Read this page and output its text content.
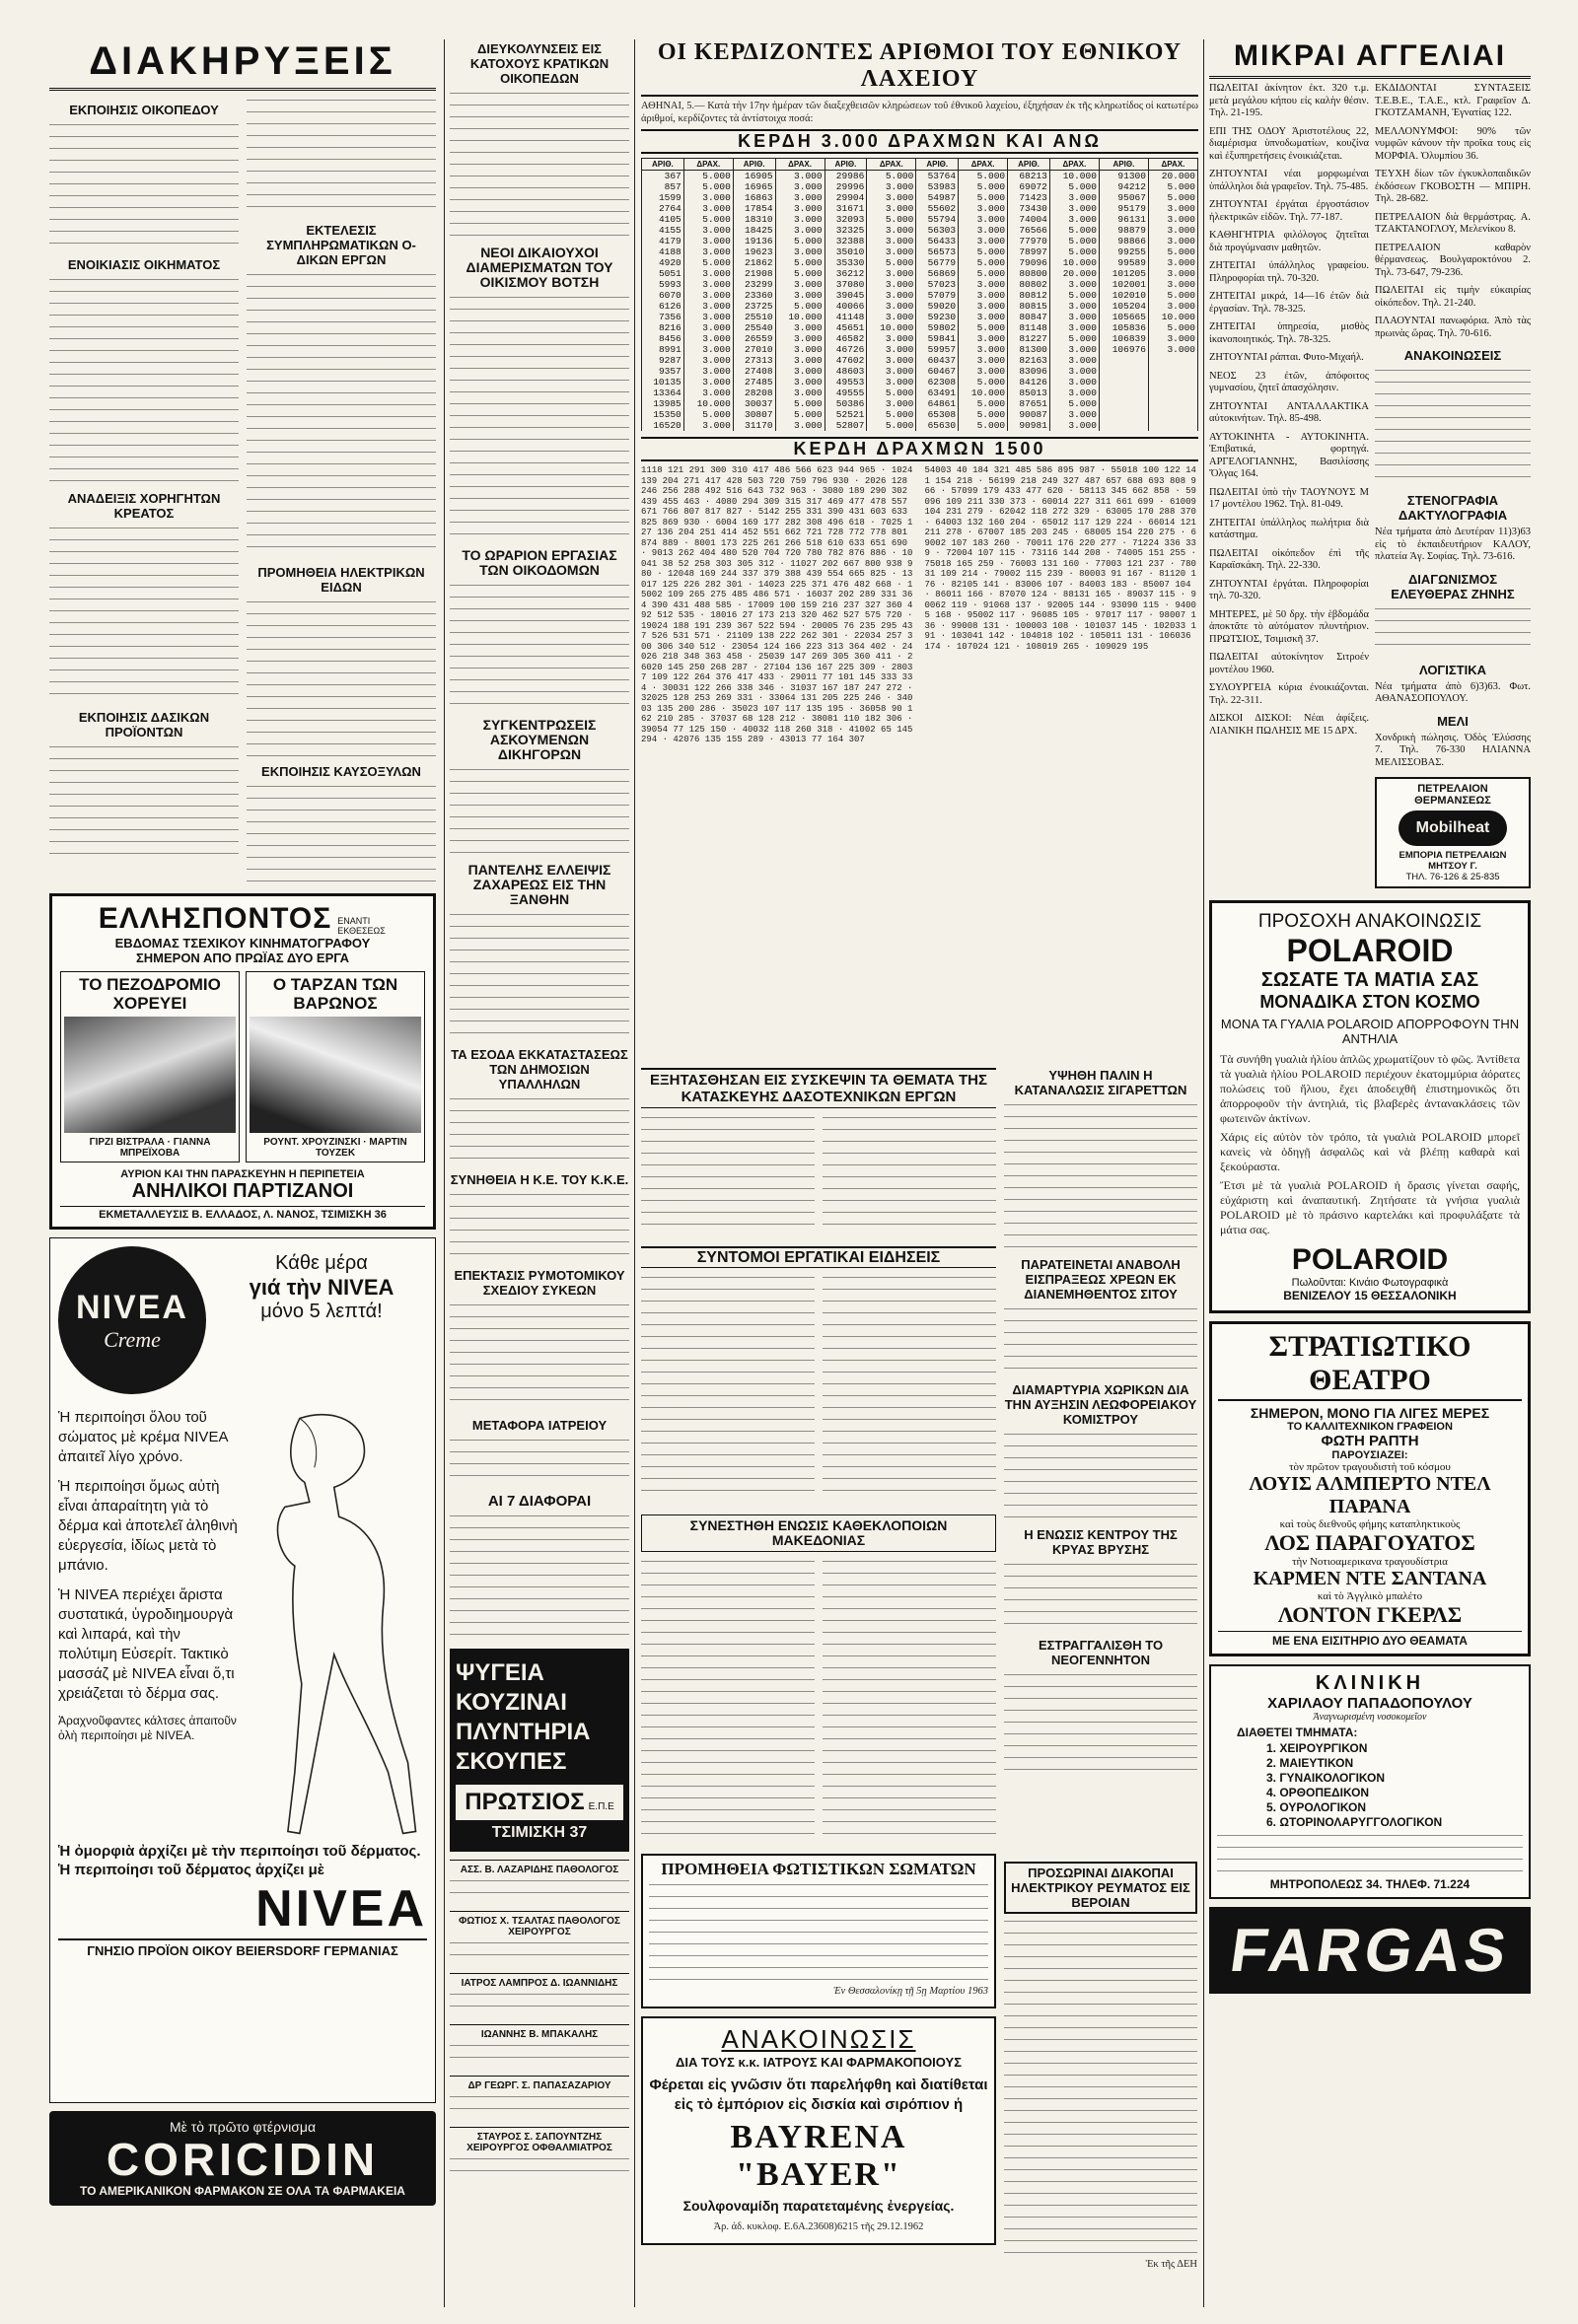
ΔΙΑΚΗΡΥΞΕΙΣ
ΕΚΠΟΙΗΣΙΣ ΟΙΚΟΠΕΔΟΥ
ΕΝΟΙΚΙΑΣΙΣ ΟΙΚΗΜΑΤΟΣ
ΑΝΑΔΕΙΞΙΣ ΧΟΡΗΓΗΤΩΝ ΚΡΕΑΤΟΣ
ΕΚΠΟΙΗΣΙΣ ΔΑΣΙΚΩΝ ΠΡΟΪΟΝΤΩΝ
ΕΚΤΕΛΕΣΙΣ ΣΥΜΠΛΗΡΩΜΑΤΙΚΩΝ Ο-ΔΙΚΩΝ ΕΡΓΩΝ
ΠΡΟΜΗΘΕΙΑ ΗΛΕΚΤΡΙΚΩΝ ΕΙΔΩΝ
ΕΚΠΟΙΗΣΙΣ ΚΑΥΣΟΞΥΛΩΝ
ΕΛΛΗΣΠΟΝΤΟΣ ΕΝΑΝΤΙ ΕΚΘΕΣΕΩΣ
ΕΒΔΟΜΑΣ ΤΣΕΧΙΚΟΥ ΚΙΝΗΜΑΤΟΓΡΑΦΟΥ
ΣΗΜΕΡΟΝ ΑΠΟ ΠΡΩΪΑΣ ΔΥΟ ΕΡΓΑ
ΤΟ ΠΕΖΟΔΡΟΜΙΟ ΧΟΡΕΥΕΙ
ΓΙΡΖΙ ΒΙΣΤΡΑΛΑ · ΓΙΑΝΝΑ ΜΠΡΕΪΧΟΒΑ
Ο ΤΑΡΖΑΝ ΤΩΝ ΒΑΡΩΝΟΣ
ΡΟΥΝΤ. ΧΡΟΥΖΙΝΣΚΙ · ΜΑΡΤΙΝ ΤΟΥΖΕΚ
ΑΥΡΙΟΝ ΚΑΙ ΤΗΝ ΠΑΡΑΣΚΕΥΗΝ Η ΠΕΡΙΠΕΤΕΙΑ
ΑΝΗΛΙΚΟΙ ΠΑΡΤΙΖΑΝΟΙ
ΕΚΜΕΤΑΛΛΕΥΣΙΣ Β. ΕΛΛΑΔΟΣ, Λ. ΝΑΝΟΣ, ΤΣΙΜΙΣΚΗ 36
NIVEA
Creme
Κάθε μέρα
γιά τὴν NIVEA
μόνο 5 λεπτά!

Ἡ περιποίησι ὅλου τοῦ σώματος μὲ κρέμα NIVEA ἀπαιτεῖ λίγο χρόνο.

Ἡ περιποίησι ὅμως αὐτὴ εἶναι ἀπαραίτητη γιὰ τὸ δέρμα καὶ ἀποτελεῖ ἀληθινὴ εὐεργεσία, ἰδίως μετὰ τὸ μπάνιο.

Ἡ NIVEA περιέχει ἄριστα συστατικά, ὑγροδιημουργὰ καὶ λιπαρά, καὶ τὴν πολύτιμη Εὐσερίτ. Τακτικὸ μασσάζ μὲ NIVEA εἶναι ὅ,τι χρειάζεται τὸ δέρμα σας.

Ἀραχνοῦφαντες κάλτσες ἀπαιτοῦν ὁλὴ περιποίησι μὲ NIVEA.

Ἡ ὀμορφιὰ ἀρχίζει μὲ τὴν περιποίησι τοῦ δέρματος. Ἡ περιποίησι τοῦ δέρματος ἀρχίζει μὲ
NIVEA
ΓΝΗΣΙΟ ΠΡΟΪΟΝ ΟΙΚΟΥ BEIERSDORF ΓΕΡΜΑΝΙΑΣ
Μὲ τὸ πρῶτο φτέρνισμα
CORICIDIN
ΤΟ ΑΜΕΡΙΚΑΝΙΚΟΝ ΦΑΡΜΑΚΟΝ ΣΕ ΟΛΑ ΤΑ ΦΑΡΜΑΚΕΙΑ
ΔΙΕΥΚΟΛΥΝΣΕΙΣ ΕΙΣ ΚΑΤΟΧΟΥΣ ΚΡΑΤΙΚΩΝ ΟΙΚΟΠΕΔΩΝ
ΝΕΟΙ ΔΙΚΑΙΟΥΧΟΙ ΔΙΑΜΕΡΙΣΜΑΤΩΝ ΤΟΥ ΟΙΚΙΣΜΟΥ ΒΟΤΣΗ
ΤΟ ΩΡΑΡΙΟΝ ΕΡΓΑΣΙΑΣ ΤΩΝ ΟΙΚΟΔΟΜΩΝ
ΣΥΓΚΕΝΤΡΩΣΕΙΣ ΑΣΚΟΥΜΕΝΩΝ ΔΙΚΗΓΟΡΩΝ
ΠΑΝΤΕΛΗΣ ΕΛΛΕΙΨΙΣ ΖΑΧΑΡΕΩΣ ΕΙΣ ΤΗΝ ΞΑΝΘΗΝ
ΤΑ ΕΣΟΔΑ ΕΚΚΑΤΑΣΤΑΣΕΩΣ ΤΩΝ ΔΗΜΟΣΙΩΝ ΥΠΑΛΛΗΛΩΝ
ΣΥΝΗΘΕΙΑ Η Κ.Ε. ΤΟΥ Κ.Κ.Ε.
ΕΠΕΚΤΑΣΙΣ ΡΥΜΟΤΟΜΙΚΟΥ ΣΧΕΔΙΟΥ ΣΥΚΕΩΝ
ΜΕΤΑΦΟΡΑ ΙΑΤΡΕΙΟΥ
ΑΙ 7 ΔΙΑΦΟΡΑΙ
ΨΥΓΕΙΑ
ΚΟΥΖΙΝΑΙ
ΠΛΥΝΤΗΡΙΑ
ΣΚΟΥΠΕΣ
ΠΡΩΤΣΙΟΣ Ε.Π.Ε
ΤΣΙΜΙΣΚΗ 37
ΑΣΣ. Β. ΛΑΖΑΡΙΔΗΣ ΠΑΘΟΛΟΓΟΣ
ΦΩΤΙΟΣ Χ. ΤΣΑΛΤΑΣ ΠΑΘΟΛΟΓΟΣ ΧΕΙΡΟΥΡΓΟΣ
ΙΑΤΡΟΣ ΛΑΜΠΡΟΣ Δ. ΙΩΑΝΝΙΔΗΣ
ΙΩΑΝΝΗΣ Β. ΜΠΑΚΑΛΗΣ
ΔΡ ΓΕΩΡΓ. Σ. ΠΑΠΑΣΑΖΑΡΙΟΥ
ΣΤΑΥΡΟΣ Σ. ΣΑΠΟΥΝΤΖΗΣ ΧΕΙΡΟΥΡΓΟΣ ΟΦΘΑΛΜΙΑΤΡΟΣ
ΟΙ ΚΕΡΔΙΖΟΝΤΕΣ ΑΡΙΘΜΟΙ ΤΟΥ ΕΘΝΙΚΟΥ ΛΑΧΕΙΟΥ

ΑΘΗΝΑΙ, 5.— Κατὰ τὴν 17ην ἡμέραν τῶν διαξεχθεισῶν κληρώσεων τοῦ ἐθνικοῦ λαχείου, ἐξηχήσαν ἐκ τῆς κληρωτίδος οἱ κατωτέρω ἀριθμοί, κερδίζοντες τὰ ἀντίστοιχα ποσά:

ΚΕΡΔΗ 3.000 ΔΡΑΧΜΩΝ ΚΑΙ ΑΝΩ
ΑΡΙΘ.	ΔΡΑΧ.	ΑΡΙΘ.	ΔΡΑΧ.	ΑΡΙΘ.	ΔΡΑΧ.	ΑΡΙΘ.	ΔΡΑΧ.	ΑΡΙΘ.	ΔΡΑΧ.	ΑΡΙΘ.	ΔΡΑΧ.
367	5.000	16905	3.000	29986	5.000	53764	5.000	68213	10.000	91300	20.000
857	5.000	16965	3.000	29996	3.000	53983	5.000	69072	5.000	94212	5.000
1599	3.000	16863	3.000	29904	3.000	54987	5.000	71423	3.000	95067	5.000
2764	3.000	17854	3.000	31671	3.000	55602	3.000	73430	3.000	95179	3.000
4105	5.000	18310	3.000	32093	5.000	55794	3.000	74004	3.000	96131	3.000
4155	3.000	18425	3.000	32325	3.000	56303	3.000	76566	5.000	98879	3.000
4179	3.000	19136	5.000	32388	3.000	56433	3.000	77970	5.000	98866	3.000
4188	3.000	19623	3.000	35010	3.000	56573	5.000	78997	5.000	99255	5.000
4920	5.000	21862	5.000	35330	5.000	56779	5.000	79096	10.000	99589	3.000
5051	3.000	21908	5.000	36212	3.000	56869	5.000	80800	20.000	101205	3.000
5993	3.000	23299	3.000	37080	3.000	57023	3.000	80802	3.000	102001	3.000
6070	3.000	23360	3.000	39045	3.000	57079	3.000	80812	5.000	102010	5.000
6126	3.000	23725	5.000	40066	3.000	59020	3.000	80815	3.000	105204	3.000
7356	3.000	25510	10.000	41148	3.000	59230	3.000	80847	3.000	105665	10.000
8216	3.000	25540	3.000	45651	10.000	59802	5.000	81148	3.000	105836	5.000
8456	3.000	26559	3.000	46582	3.000	59841	3.000	81227	5.000	106839	3.000
8991	3.000	27010	3.000	46726	3.000	59957	3.000	81300	3.000	106976	3.000
9287	3.000	27313	3.000	47602	3.000	60437	3.000	82163	3.000		
9357	3.000	27408	3.000	48603	3.000	60467	3.000	83096	3.000		
10135	3.000	27485	3.000	49553	3.000	62308	5.000	84126	3.000		
13364	3.000	28208	3.000	49555	5.000	63491	10.000	85013	3.000		
13985	10.000	30037	5.000	50386	3.000	64861	5.000	87651	5.000		
15350	5.000	30807	5.000	52521	5.000	65308	5.000	90087	3.000		
16520	3.000	31170	3.000	52807	5.000	65630	5.000	90981	3.000		
ΚΕΡΔΗ ΔΡΑΧΜΩΝ 1500
1118 121 291 300 310 417 486 566 623 944 965 · 1024 139 204 271 417 428 503 720 759 796 930 · 2026 128 246 256 288 492 516 643 732 963 · 3080 189 290 302 439 455 463 · 4080 294 309 315 317 469 477 478 557 671 766 807 817 827 · 5142 255 331 390 431 603 633 825 869 930 · 6004 169 177 282 308 496 618 · 7025 127 136 204 251 414 452 551 662 721 728 772 778 801 874 889 · 8001 173 225 261 266 518 610 633 651 690 · 9013 262 404 480 520 704 720 780 782 876 886 · 10041 38 52 258 303 305 312 · 11027 202 667 800 938 980 · 12048 169 244 337 379 388 439 554 665 825 · 13017 125 226 282 301 · 14023 225 371 476 482 668 · 15002 109 265 275 485 486 571 · 16037 202 289 331 364 390 431 488 585 · 17009 100 159 216 237 327 360 492 512 535 · 18016 27 173 213 320 462 527 575 720 · 19024 188 191 239 367 522 594 · 20005 76 235 295 437 526 531 571 · 21109 138 222 262 301 · 22034 257 300 306 340 512 · 23054 124 166 223 313 364 402 · 24026 218 348 363 458 · 25039 147 269 305 360 411 · 26020 145 250 268 287 · 27104 136 167 225 309 · 28037 109 122 264 376 417 433 · 29011 77 101 145 333 334 · 30031 122 266 338 346 · 31037 167 187 247 272 · 32025 128 253 269 331 · 33064 131 205 225 246 · 34003 135 200 286 · 35023 107 117 135 195 · 36058 90 162 210 285 · 37037 68 128 212 · 38081 110 182 306 · 39054 77 125 150 · 40032 118 260 318 · 41002 65 145 294 · 42076 135 155 289 · 43013 77 164 307
54003 40 184 321 485 586 895 987 · 55018 100 122 141 154 218 · 56199 218 249 327 487 657 688 693 808 966 · 57099 179 433 477 620 · 58113 345 662 858 · 59096 109 211 330 373 · 60014 227 311 661 699 · 61009 104 231 279 · 62042 118 272 329 · 63005 170 288 370 · 64003 132 160 204 · 65012 117 129 224 · 66014 121 211 278 · 67007 185 203 245 · 68005 154 220 275 · 69002 107 183 260 · 70011 176 220 277 · 71224 336 339 · 72004 107 115 · 73116 144 208 · 74005 151 255 · 75018 165 259 · 76003 131 160 · 77003 121 237 · 78031 109 214 · 79002 115 239 · 80003 91 167 · 81120 176 · 82105 141 · 83006 107 · 84003 183 · 85007 104 · 86011 166 · 87070 124 · 88131 165 · 89037 115 · 90062 119 · 91068 137 · 92005 144 · 93090 115 · 94005 168 · 95002 117 · 96085 105 · 97017 117 · 98007 136 · 99008 131 · 100003 108 · 101037 145 · 102033 191 · 103041 142 · 104018 102 · 105011 131 · 106036 174 · 107024 121 · 108019 265 · 109029 195
ΕΞΗΤΑΣΘΗΣΑΝ ΕΙΣ ΣΥΣΚΕΨΙΝ ΤΑ ΘΕΜΑΤΑ ΤΗΣ ΚΑΤΑΣΚΕΥΗΣ ΔΑΣΟΤΕΧΝΙΚΩΝ ΕΡΓΩΝ
ΣΥΝΤΟΜΟΙ ΕΡΓΑΤΙΚΑΙ ΕΙΔΗΣΕΙΣ
ΣΥΝΕΣΤΗΘΗ ΕΝΩΣΙΣ ΚΑΘΕΚΛΟΠΟΙΩΝ ΜΑΚΕΔΟΝΙΑΣ
ΥΨΗΘΗ ΠΑΛΙΝ Η ΚΑΤΑΝΑΛΩΣΙΣ ΣΙΓΑΡΕΤΤΩΝ
ΠΑΡΑΤΕΙΝΕΤΑΙ ΑΝΑΒΟΛΗ ΕΙΣΠΡΑΞΕΩΣ ΧΡΕΩΝ ΕΚ ΔΙΑΝΕΜΗΘΕΝΤΟΣ ΣΙΤΟΥ
ΔΙΑΜΑΡΤΥΡΙΑ ΧΩΡΙΚΩΝ ΔΙΑ ΤΗΝ ΑΥΞΗΣΙΝ ΛΕΩΦΟΡΕΙΑΚΟΥ ΚΟΜΙΣΤΡΟΥ
Η ΕΝΩΣΙΣ ΚΕΝΤΡΟΥ ΤΗΣ ΚΡΥΑΣ ΒΡΥΣΗΣ
ΕΣΤΡΑΓΓΑΛΙΣΘΗ ΤΟ ΝΕΟΓΕΝΝΗΤΟΝ
ΠΡΟΜΗΘΕΙΑ ΦΩΤΙΣΤΙΚΩΝ ΣΩΜΑΤΩΝ
Ἐν Θεσσαλονίκῃ τῇ 5ῃ Μαρτίου 1963
ΑΝΑΚΟΙΝΩΣΙΣ
ΔΙΑ ΤΟΥΣ κ.κ. ΙΑΤΡΟΥΣ ΚΑΙ ΦΑΡΜΑΚΟΠΟΙΟΥΣ
Φέρεται εἰς γνῶσιν ὅτι παρελήφθη καὶ διατίθεται εἰς τὸ ἐμπόριον εἰς δισκία καὶ σιρόπιον ἡ
BAYRENA "BAYER"
Σουλφοναμίδη παρατεταμένης ἐνεργείας.
Ἀρ. ἀδ. κυκλοφ. Ε.6Α.23608)6215 τῆς 29.12.1962
ΠΡΟΣΩΡΙΝΑΙ ΔΙΑΚΟΠΑΙ ΗΛΕΚΤΡΙΚΟΥ ΡΕΥΜΑΤΟΣ ΕΙΣ ΒΕΡΟΙΑΝ
Ἐκ τῆς ΔΕΗ
ΜΙΚΡΑΙ ΑΓΓΕΛΙΑΙ

ΠΩΛΕΙΤΑΙ ἀκίνητον ἐκτ. 320 τ.μ. μετὰ μεγάλου κήπου εἰς καλὴν θέσιν. Τηλ. 21-195.

ΕΠΙ ΤΗΣ ΟΔΟΥ Ἀριστοτέλους 22, διαμέρισμα ὑπνοδωματίων, κουζίνα καὶ ἐξυπηρετήσεις ἐνοικιάζεται.

ΖΗΤΟΥΝΤΑΙ νέαι μορφωμέναι ὑπάλληλοι διὰ γραφεῖον. Τηλ. 75-485.

ΖΗΤΟΥΝΤΑΙ ἐργάται ἐργοστάσιον ἠλεκτρικῶν εἰδῶν. Τηλ. 77-187.

ΚΑΘΗΓΗΤΡΙΑ φιλόλογος ζητεῖται διὰ προγύμνασιν μαθητῶν.

ΖΗΤΕΙΤΑΙ ὑπάλληλος γραφείου. Πληροφορίαι τηλ. 70-320.

ΖΗΤΕΙΤΑΙ μικρά, 14—16 ἐτῶν διὰ ἐργασίαν. Τηλ. 78-325.

ΖΗΤΕΙΤΑΙ ὑπηρεσία, μισθὸς ἱκανοποιητικός. Τηλ. 78-325.

ΖΗΤΟΥΝΤΑΙ ράπται. Φυτο-Μιχαήλ.

ΝΕΟΣ 23 ἐτῶν, ἀπόφοιτος γυμνασίου, ζητεῖ ἀπασχόλησιν.

ΖΗΤΟΥΝΤΑΙ ΑΝΤΑΛΛΑΚΤΙΚΑ αὐτοκινήτων. Τηλ. 85-498.

ΑΥΤΟΚΙΝΗΤΑ - ΑΥΤΟΚΙΝΗΤΑ. Ἐπιβατικά, φορτηγά. ΑΡΓΕΛΟΓΙΑΝΝΗΣ, Βασιλίσσης Ὄλγας 164.

ΠΩΛΕΙΤΑΙ ὑπὸ τὴν ΤΑΟΥΝΟΥΣ Μ 17 μοντέλου 1962. Τηλ. 81-049.

ΖΗΤΕΙΤΑΙ ὑπάλληλος πωλήτρια διὰ κατάστημα.

ΠΩΛΕΙΤΑΙ οἰκόπεδον ἐπὶ τῆς Καραϊσκάκη. Τηλ. 22-330.

ΖΗΤΟΥΝΤΑΙ ἐργάται. Πληροφορίαι τηλ. 70-320.

ΜΗΤΕΡΕΣ, μὲ 50 δρχ. τὴν ἑβδομάδα ἀποκτᾶτε τὸ αὐτόματον πλυντήριον. ΠΡΩΤΣΙΟΣ, Τσιμισκῆ 37.

ΠΩΛΕΙΤΑΙ αὐτοκίνητον Σιτροέν μοντέλου 1960.

ΣΥΛΟΥΡΓΕΙΑ κύρια ἐνοικιάζονται. Τηλ. 22-311.

ΔΙΣΚΟΙ ΔΙΣΚΟΙ: Νέαι ἀφίξεις. ΛΙΑΝΙΚΗ ΠΩΛΗΣΙΣ ΜΕ 15 ΔΡΧ.

ΕΚΔΙΔΟΝΤΑΙ ΣΥΝΤΑΞΕΙΣ Τ.Ε.Β.Ε., Τ.Α.Ε., κτλ. Γραφεῖον Δ. ΓΚΟΤΖΑΜΑΝΗ, Ἐγνατίας 122.

ΜΕΛΛΟΝΥΜΦΟΙ: 90% τῶν νυμφῶν κάνουν τὴν προῖκα τους εἰς ΜΟΡΦΙΑ. Ὀλυμπίου 36.

ΤΕΥΧΗ δίων τῶν ἐγκυκλοπαιδικῶν ἐκδόσεων ΓΚΟΒΟΣΤΗ — ΜΠΙΡΗ. Τηλ. 28-682.

ΠΕΤΡΕΛΑΙΟΝ διὰ θερμάστρας. Α. ΤΖΑΚΤΑΝΟΓΛΟΥ, Μελενίκου 8.

ΠΕΤΡΕΛΑΙΟΝ καθαρὸν θέρμανσεως. Βουλγαροκτόνου 2. Τηλ. 73-647, 79-236.

ΠΩΛΕΙΤΑΙ εἰς τιμὴν εὐκαιρίας οἰκόπεδον. Τηλ. 21-240.

ΠΛΑΟΥΝΤΑΙ πανωφόρια. Ἀπὸ τὰς πρωινὰς ὥρας. Τηλ. 70-616.

ΑΝΑΚΟΙΝΩΣΕΙΣ
ΣΤΕΝΟΓΡΑΦΙΑ ΔΑΚΤΥΛΟΓΡΑΦΙΑ

Νέα τμήματα ἀπὸ Δευτέραν 11)3)63 εἰς τὸ ἐκπαιδευτήριον ΚΑΛΟΥ, πλατεία Ἁγ. Σοφίας. Τηλ. 73-616.

ΔΙΑΓΩΝΙΣΜΟΣ ΕΛΕΥΘΕΡΑΣ ΖΗΝΗΣ
ΛΟΓΙΣΤΙΚΑ

Νέα τμήματα ἀπὸ 6)3)63. Φωτ. ΑΘΑΝΑΣΟΠΟΥΛΟΥ.

ΜΕΛΙ

Χονδρικὴ πώλησις. Ὁδὸς Ἐλύσσης 7. Τηλ. 76-330 ΗΛΙΑΝΝΑ ΜΕΛΙΣΣΟΒΑΣ.

ΠΕΤΡΕΛΑΙΟΝ ΘΕΡΜΑΝΣΕΩΣ
Mobilheat
ΕΜΠΟΡΙΑ ΠΕΤΡΕΛΑΙΩΝ ΜΗΤΣΟΥ Γ.
ΤΗΛ. 76-126 & 25-835
ΠΡΟΣΟΧΗ ΑΝΑΚΟΙΝΩΣΙΣ
POLAROID
ΣΩΣΑΤΕ ΤΑ ΜΑΤΙΑ ΣΑΣ
ΜΟΝΑΔΙΚΑ ΣΤΟΝ ΚΟΣΜΟ
ΜΟΝΑ ΤΑ ΓΥΑΛΙΑ POLAROID ΑΠΟΡΡΟΦΟΥΝ ΤΗΝ ΑΝΤΗΛΙΑ

Τὰ συνήθη γυαλιὰ ἡλίου ἁπλῶς χρωματίζουν τὸ φῶς. Ἀντίθετα τὰ γυαλιὰ ἡλίου POLAROID περιέχουν ἑκατομμύρια ἀόρατες πολώσεις τοῦ ἥλιου, ἔχει ἀποδειχθῆ ἐπιστημονικῶς ὅτι ἀπορροφοῦν τὴν ἀντηλιά, τὶς βλαβερὲς ἀντανακλάσεις τῶν φωτεινῶν ἀκτίνων.

Χάρις εἰς αὐτὸν τὸν τρόπο, τὰ γυαλιὰ POLAROID μπορεῖ κανεὶς νὰ ὁδηγῇ ἀσφαλῶς καὶ νὰ βλέπῃ καθαρὰ καὶ ξεκούραστα.

Ἔτσι μὲ τὰ γυαλιὰ POLAROID ἡ ὅρασις γίνεται σαφής, εὐχάριστη καὶ ἀναπαυτική. Ζητήσατε τὰ γνήσια γυαλιὰ POLAROID μὲ τὸ πράσινο καρτελάκι καὶ προφυλάξατε τὰ μάτια σας.

POLAROID
Πωλοῦνται: Κινάιο Φωτογραφικὰ
ΒΕΝΙΖΕΛΟΥ 15 ΘΕΣΣΑΛΟΝΙΚΗ
ΣΤΡΑΤΙΩΤΙΚΟ ΘΕΑΤΡΟ
ΣΗΜΕΡΟΝ, ΜΟΝΟ ΓΙΑ ΛΙΓΕΣ ΜΕΡΕΣ
ΤΟ ΚΑΛΛΙΤΕΧΝΙΚΟΝ ΓΡΑΦΕΙΟΝ
ΦΩΤΗ ΡΑΠΤΗ
ΠΑΡΟΥΣΙΑΖΕΙ:
τὸν πρῶτον τραγουδιστὴ τοῦ κόσμου
ΛΟΥΙΣ ΑΛΜΠΕΡΤΟ ΝΤΕΛ ΠΑΡΑΝΑ
καὶ τοὺς διεθνοῦς φήμης καταπληκτικοὺς
ΛΟΣ ΠΑΡΑΓΟΥΑΤΟΣ
τὴν Νοτιοαμερικανα τραγουδίστρια
ΚΑΡΜΕΝ ΝΤΕ ΣΑΝΤΑΝΑ
καὶ τὸ Ἀγγλικὸ μπαλέτο
ΛΟΝΤΟΝ ΓΚΕΡΛΣ
ΜΕ ΕΝΑ ΕΙΣΙΤΗΡΙΟ ΔΥΟ ΘΕΑΜΑΤΑ
ΚΛΙΝΙΚΗ
ΧΑΡΙΛΑΟΥ ΠΑΠΑΔΟΠΟΥΛΟΥ
Ἀναγνωρισμένη νοσοκομεῖον
ΔΙΑΘΕΤΕΙ ΤΜΗΜΑΤΑ:
1. ΧΕΙΡΟΥΡΓΙΚΟΝ
2. ΜΑΙΕΥΤΙΚΟΝ
3. ΓΥΝΑΙΚΟΛΟΓΙΚΟΝ
4. ΟΡΘΟΠΕΔΙΚΟΝ
5. ΟΥΡΟΛΟΓΙΚΟΝ
6. ΩΤΟΡΙΝΟΛΑΡΥΓΓΟΛΟΓΙΚΟΝ
ΜΗΤΡΟΠΟΛΕΩΣ 34. ΤΗΛΕΦ. 71.224
FARGAS
